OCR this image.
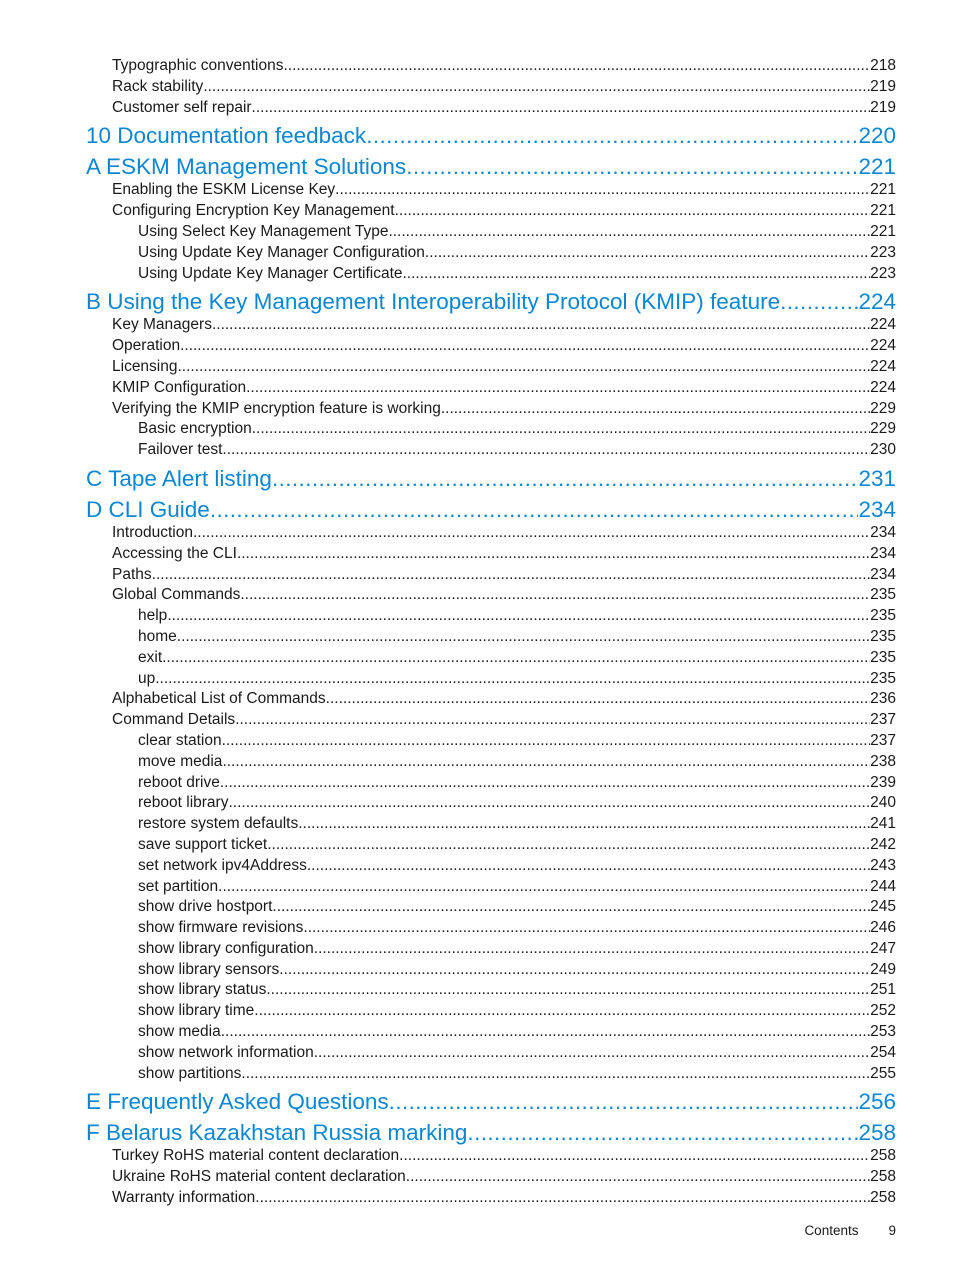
Typographic conventions .....	218
Rack stability .....	219
Customer self repair .....	219
10 Documentation feedback .....	220
A ESKM Management Solutions .....	221
Enabling the ESKM License Key .....	221
Configuring Encryption Key Management .....	221
Using Select Key Management Type .....	221
Using Update Key Manager Configuration .....	223
Using Update Key Manager Certificate .....	223
B Using the Key Management Interoperability Protocol (KMIP) feature .....	224
Key Managers .....	224
Operation .....	224
Licensing .....	224
KMIP Configuration .....	224
Verifying the KMIP encryption feature is working .....	229
Basic encryption .....	229
Failover test .....	230
C Tape Alert listing .....	231
D CLI Guide .....	234
Introduction .....	234
Accessing the CLI .....	234
Paths .....	234
Global Commands .....	235
help .....	235
home .....	235
exit .....	235
up .....	235
Alphabetical List of Commands .....	236
Command Details .....	237
clear station .....	237
move media .....	238
reboot drive .....	239
reboot library .....	240
restore system defaults .....	241
save support ticket .....	242
set network ipv4Address .....	243
set partition .....	244
show drive hostport .....	245
show firmware revisions .....	246
show library configuration .....	247
show library sensors .....	249
show library status .....	251
show library time .....	252
show media .....	253
show network information .....	254
show partitions .....	255
E Frequently Asked Questions .....	256
F Belarus Kazakhstan Russia marking .....	258
Turkey RoHS material content declaration .....	258
Ukraine RoHS material content declaration .....	258
Warranty information .....	258
Contents 9
